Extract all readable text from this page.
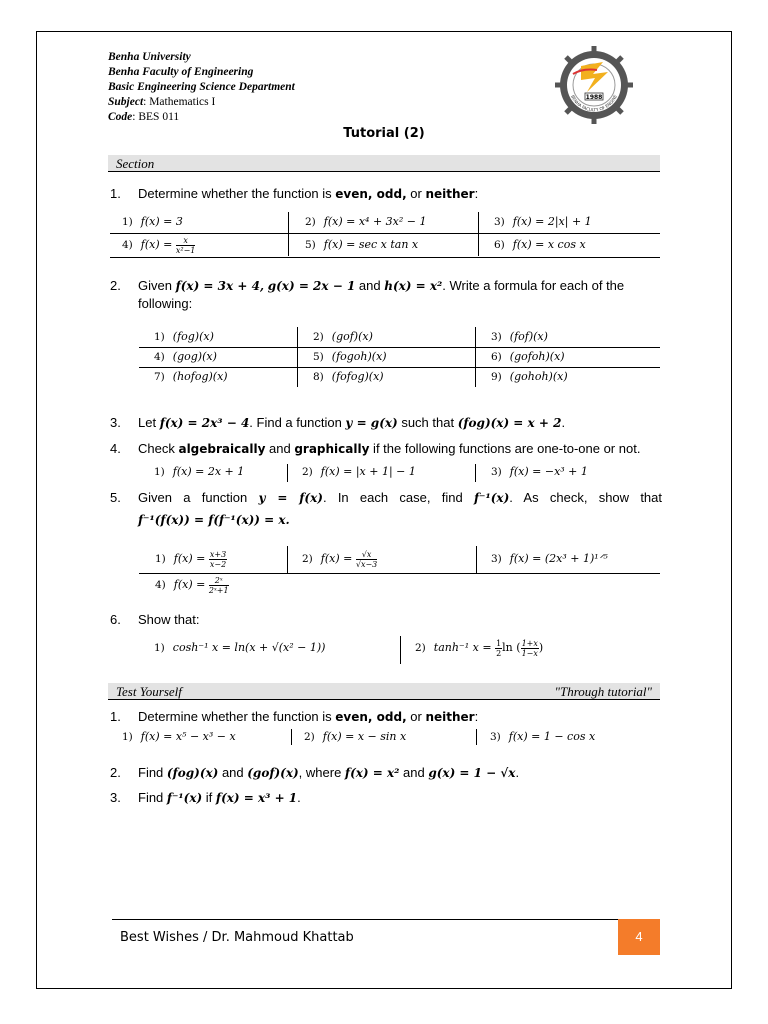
Benha University
Benha Faculty of Engineering
Basic Engineering Science Department
Subject: Mathematics I
Code: BES 011
1988
BENHA FACULTY OF ENGINE
Tutorial (2)
Section
1. Determine whether the function is even, odd, or neither:
1) f(x) = 3	2) f(x) = x⁴ + 3x² − 1	3) f(x) = 2|x| + 1
4) $f(x) = \frac{x}{\text{x²−1}}$	5) f(x) = sec x tan x	6) f(x) = x cos x
2. Given f(x) = 3x + 4, g(x) = 2x − 1 and h(x) = x². Write a formula for each of the following:
1) (fog)(x)	2) (gof)(x)	3) (fof)(x)
4) (gog)(x)	5) (fogoh)(x)	6) (gofoh)(x)
7) (hofog)(x)	8) (fofog)(x)	9) (gohoh)(x)
3. Let f(x) = 2x³ − 4. Find a function y = g(x) such that (fog)(x) = x + 2.
4. Check algebraically and graphically if the following functions are one-to-one or not.
1) f(x) = 2x + 1	2) f(x) = |x + 1| − 1	3) f(x) = −x³ + 1
5. Given a function y = f(x). In each case, find f⁻¹(x). As check, show that
f⁻¹(f(x)) = f(f⁻¹(x)) = x.
1) $f(x) = \frac{x+3}{x-2}$	2) $f(x) = \frac{√x}{√x-3}$	3) f(x) = (2x³ + 1)¹ᐟ⁵
4) $f(x) = \frac{\text{2ˣ}}{\text{2ˣ+1}}$
6. Show that:
1) cosh⁻¹ x = ln(x + √(x² − 1))	2) tanh⁻¹ $x = \frac{1}{2}$ ln ( $\frac{1+x}{1-x}$ )
Test Yourself	"Through tutorial"
1. Determine whether the function is even, odd, or neither:
1) f(x) = x⁵ − x³ − x	2) f(x) = x − sin x	3) f(x) = 1 − cos x
2. Find (fog)(x) and (gof)(x), where f(x) = x² and g(x) = 1 − √x.
3. Find f⁻¹(x) if f(x) = x³ + 1.
Best Wishes / Dr. Mahmoud Khattab	4
